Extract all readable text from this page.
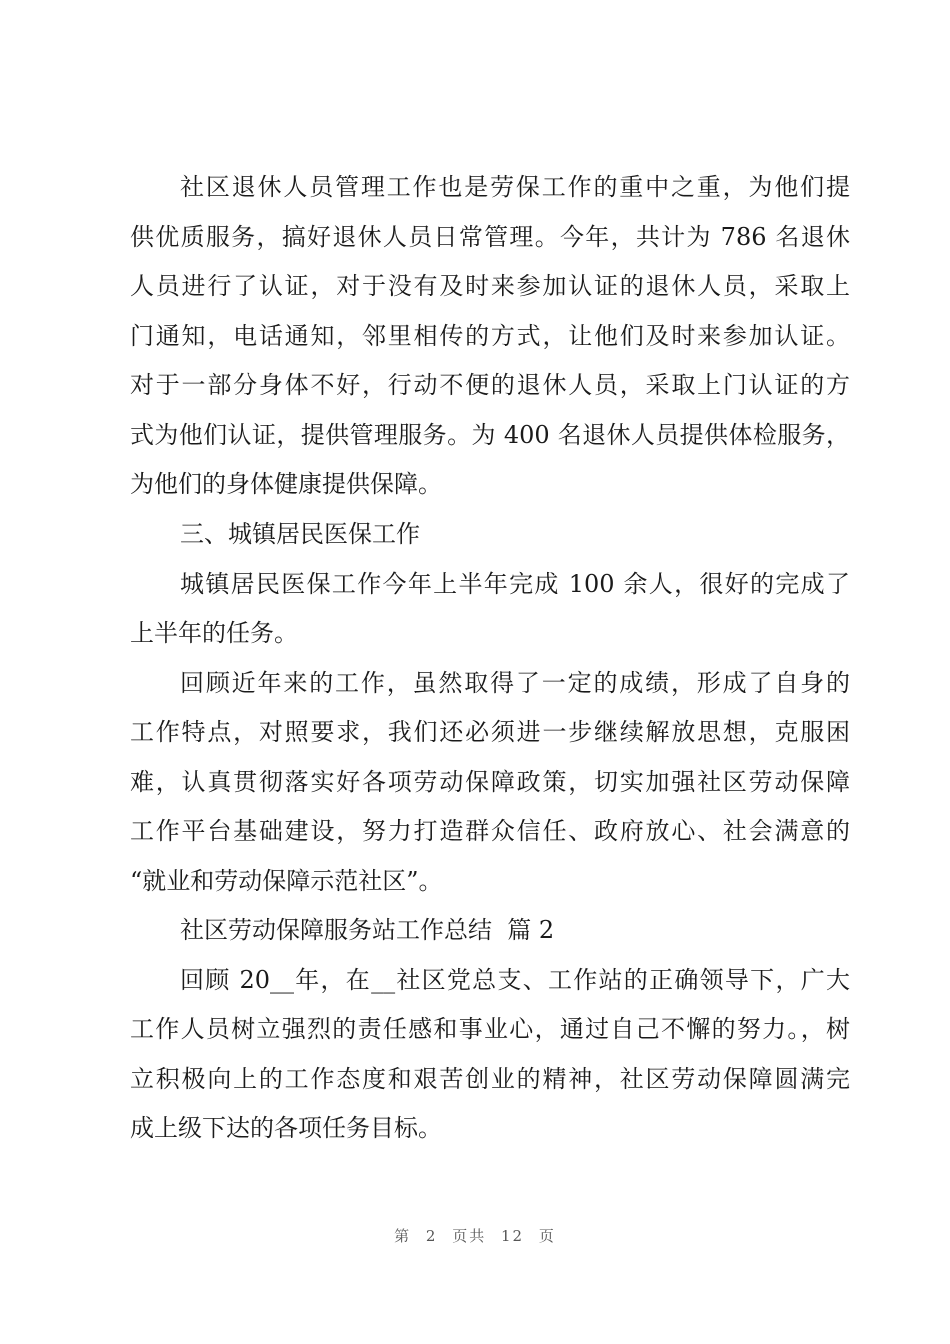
社区退休人员管理工作也是劳保工作的重中之重，为他们提
供优质服务，搞好退休人员日常管理。今年，共计为 786 名退休
人员进行了认证，对于没有及时来参加认证的退休人员，采取上
门通知，电话通知，邻里相传的方式，让他们及时来参加认证。
对于一部分身体不好，行动不便的退休人员，采取上门认证的方
式为他们认证，提供管理服务。为 400 名退休人员提供体检服务，
为他们的身体健康提供保障。
三、城镇居民医保工作
城镇居民医保工作今年上半年完成 100 余人，很好的完成了
上半年的任务。
回顾近年来的工作，虽然取得了一定的成绩，形成了自身的
工作特点，对照要求，我们还必须进一步继续解放思想，克服困
难，认真贯彻落实好各项劳动保障政策，切实加强社区劳动保障
工作平台基础建设，努力打造群众信任、政府放心、社会满意的
“就业和劳动保障示范社区”。
社区劳动保障服务站工作总结  篇 2
回顾 20__年，在__社区党总支、工作站的正确领导下，广大
工作人员树立强烈的责任感和事业心，通过自己不懈的努力。，树
立积极向上的工作态度和艰苦创业的精神，社区劳动保障圆满完
成上级下达的各项任务目标。
第 2 页共 12 页
